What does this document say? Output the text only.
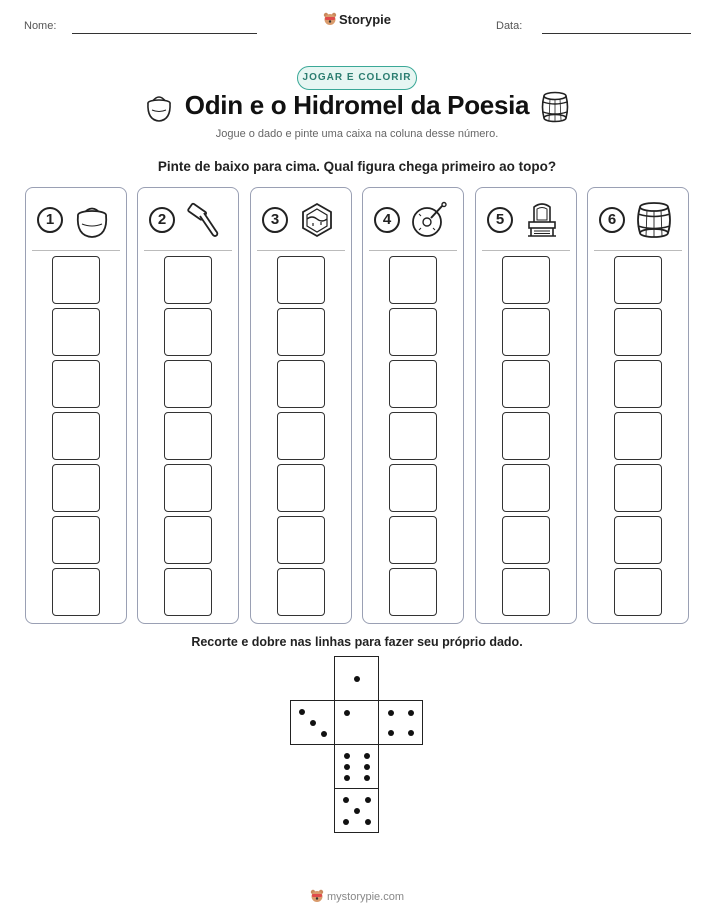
Nome:	Storypie	Data:
JOGAR E COLORIR
Odin e o Hidromel da Poesia
Jogue o dado e pinte uma caixa na coluna desse número.
Pinte de baixo para cima. Qual figura chega primeiro ao topo?
1	2	3	4	5	6
Recorte e dobre nas linhas para fazer seu próprio dado.
mystorypie.com
